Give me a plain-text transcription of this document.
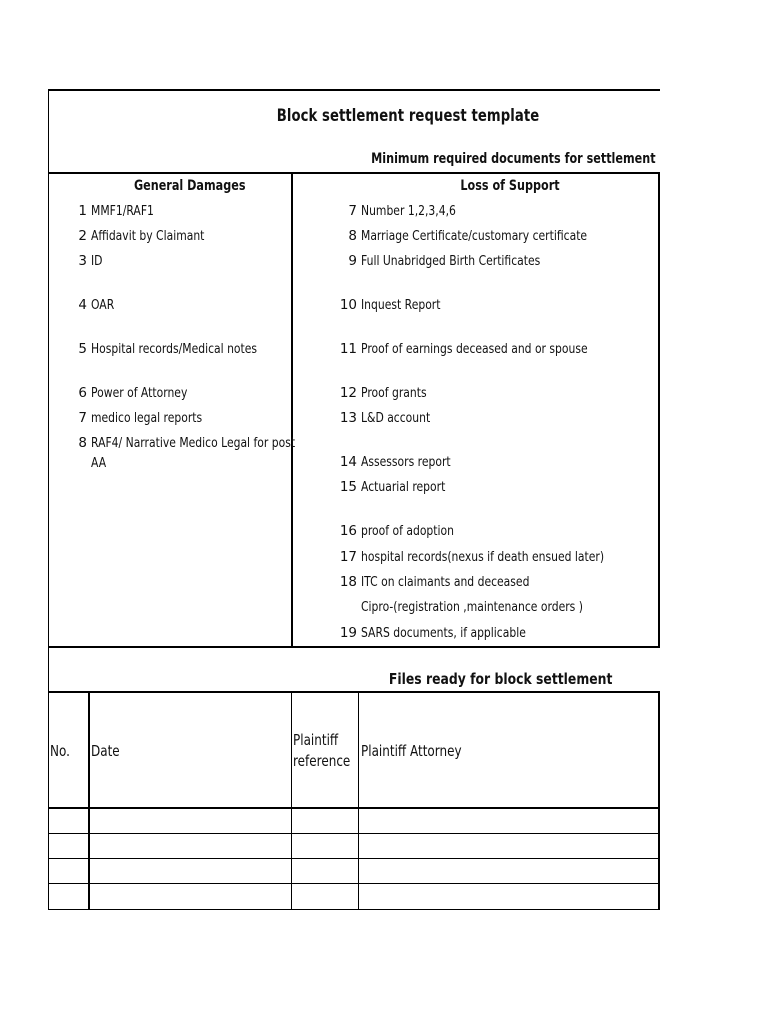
Block settlement request template
Minimum required documents for settlement
General Damages	Loss of Support
1 MMF1/RAF1
2 Affidavit by Claimant
3 ID
4 OAR
5 Hospital records/Medical notes
6 Power of Attorney
7 medico legal reports
8 RAF4/ Narrative Medico Legal for post
AA
7 Number 1,2,3,4,6
8 Marriage Certificate/customary certificate
9 Full Unabridged Birth Certificates
10 Inquest Report
11 Proof of earnings deceased and or spouse
12 Proof grants
13 L&D account
14 Assessors report
15 Actuarial report
16 proof of adoption
17 hospital records(nexus if death ensued later)
18 ITC on claimants and deceased
Cipro-(registration ,maintenance orders )
19 SARS documents, if applicable
Files ready for block settlement
No.	Date
Plaintiff
reference
Plaintiff Attorney
